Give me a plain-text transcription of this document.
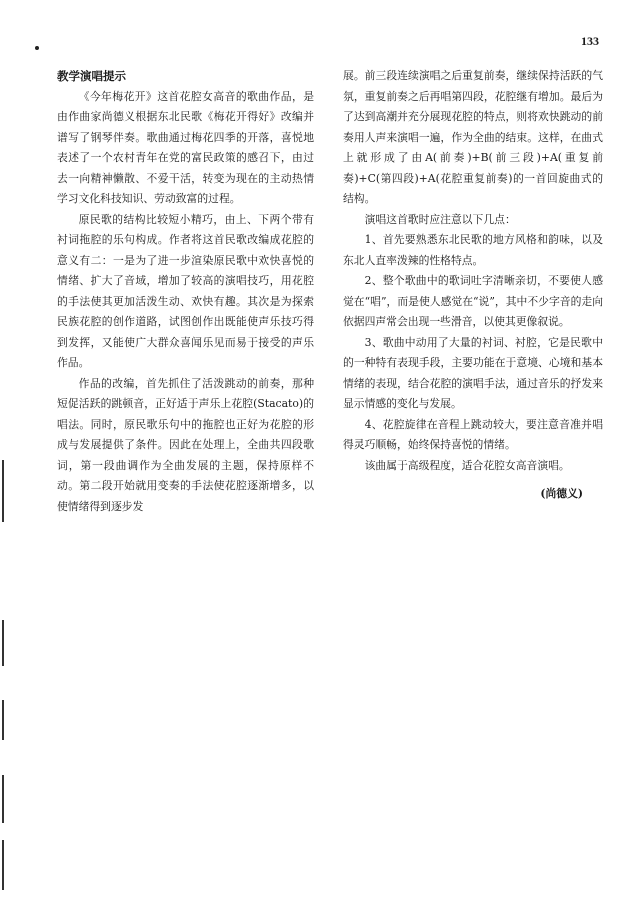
133
教学演唱提示

《今年梅花开》这首花腔女高音的歌曲作品，是由作曲家尚德义根据东北民歌《梅花开得好》改编并谱写了钢琴伴奏。歌曲通过梅花四季的开落，喜悦地表述了一个农村青年在党的富民政策的感召下，由过去一向精神懒散、不爱干活，转变为现在的主动热情学习文化科技知识、劳动致富的过程。

原民歌的结构比较短小精巧，由上、下两个带有衬词拖腔的乐句构成。作者将这首民歌改编成花腔的意义有二：一是为了进一步渲染原民歌中欢快喜悦的情绪、扩大了音域，增加了较高的演唱技巧，用花腔的手法使其更加活泼生动、欢快有趣。其次是为探索民族花腔的创作道路，试图创作出既能使声乐技巧得到发挥，又能使广大群众喜闻乐见而易于接受的声乐作品。

作品的改编，首先抓住了活泼跳动的前奏，那种短促活跃的跳顿音，正好适于声乐上花腔(Stacato)的唱法。同时，原民歌乐句中的拖腔也正好为花腔的形成与发展提供了条件。因此在处理上，全曲共四段歌词，第一段曲调作为全曲发展的主题，保持原样不动。第二段开始就用变奏的手法使花腔逐渐增多，以使情绪得到逐步发

展。前三段连续演唱之后重复前奏，继续保持活跃的气氛，重复前奏之后再唱第四段，花腔继有增加。最后为了达到高潮并充分展现花腔的特点，则将欢快跳动的前奏用人声来演唱一遍，作为全曲的结束。这样，在曲式上就形成了由A(前奏)+B(前三段)+A(重复前奏)+C(第四段)+A(花腔重复前奏)的一首回旋曲式的结构。

演唱这首歌时应注意以下几点：

1、首先要熟悉东北民歌的地方风格和韵味，以及东北人直率泼辣的性格特点。

2、整个歌曲中的歌词吐字清晰亲切，不要使人感觉在“唱”，而是使人感觉在“说”，其中不少字音的走向依据四声常会出现一些滑音，以使其更像叙说。

3、歌曲中动用了大量的衬词、衬腔，它是民歌中的一种特有表现手段，主要功能在于意境、心境和基本情绪的表现，结合花腔的演唱手法，通过音乐的抒发来显示情感的变化与发展。

4、花腔旋律在音程上跳动较大，要注意音准并唱得灵巧顺畅，始终保持喜悦的情绪。

该曲属于高级程度，适合花腔女高音演唱。

(尚德义)
